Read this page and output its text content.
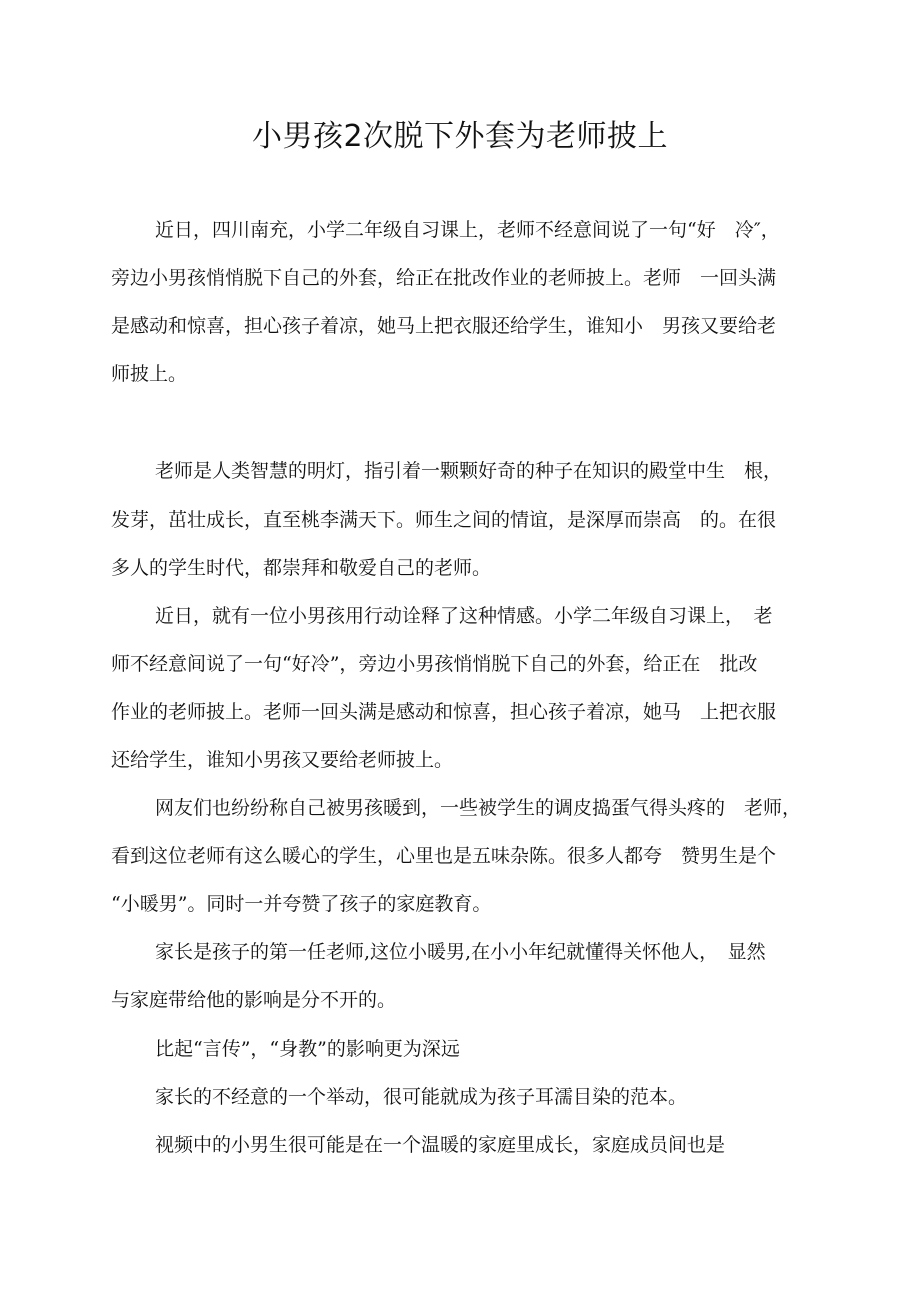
小男孩2次脱下外套为老师披上
近日，四川南充，小学二年级自习课上，老师不经意间说了一句“好　冷″，
旁边小男孩悄悄脱下自己的外套，给正在批改作业的老师披上。老师　一回头满
是感动和惊喜，担心孩子着凉，她马上把衣服还给学生，谁知小　男孩又要给老
师披上。
老师是人类智慧的明灯，指引着一颗颗好奇的种子在知识的殿堂中生　根，
发芽，茁壮成长，直至桃李满天下。师生之间的情谊，是深厚而崇高　的。在很
多人的学生时代，都崇拜和敬爱自己的老师。
近日，就有一位小男孩用行动诠释了这种情感。小学二年级自习课上，　老
师不经意间说了一句“好冷”，旁边小男孩悄悄脱下自己的外套，给正在　批改
作业的老师披上。老师一回头满是感动和惊喜，担心孩子着凉，她马　上把衣服
还给学生，谁知小男孩又要给老师披上。
网友们也纷纷称自己被男孩暖到，一些被学生的调皮捣蛋气得头疼的　老师，
看到这位老师有这么暖心的学生，心里也是五味杂陈。很多人都夸　赞男生是个
“小暖男”。同时一并夸赞了孩子的家庭教育。
家长是孩子的第一任老师,这位小暖男,在小小年纪就懂得关怀他人，　显然
与家庭带给他的影响是分不开的。
比起“言传”，“身教”的影响更为深远
家长的不经意的一个举动，很可能就成为孩子耳濡目染的范本。
视频中的小男生很可能是在一个温暖的家庭里成长，家庭成员间也是
